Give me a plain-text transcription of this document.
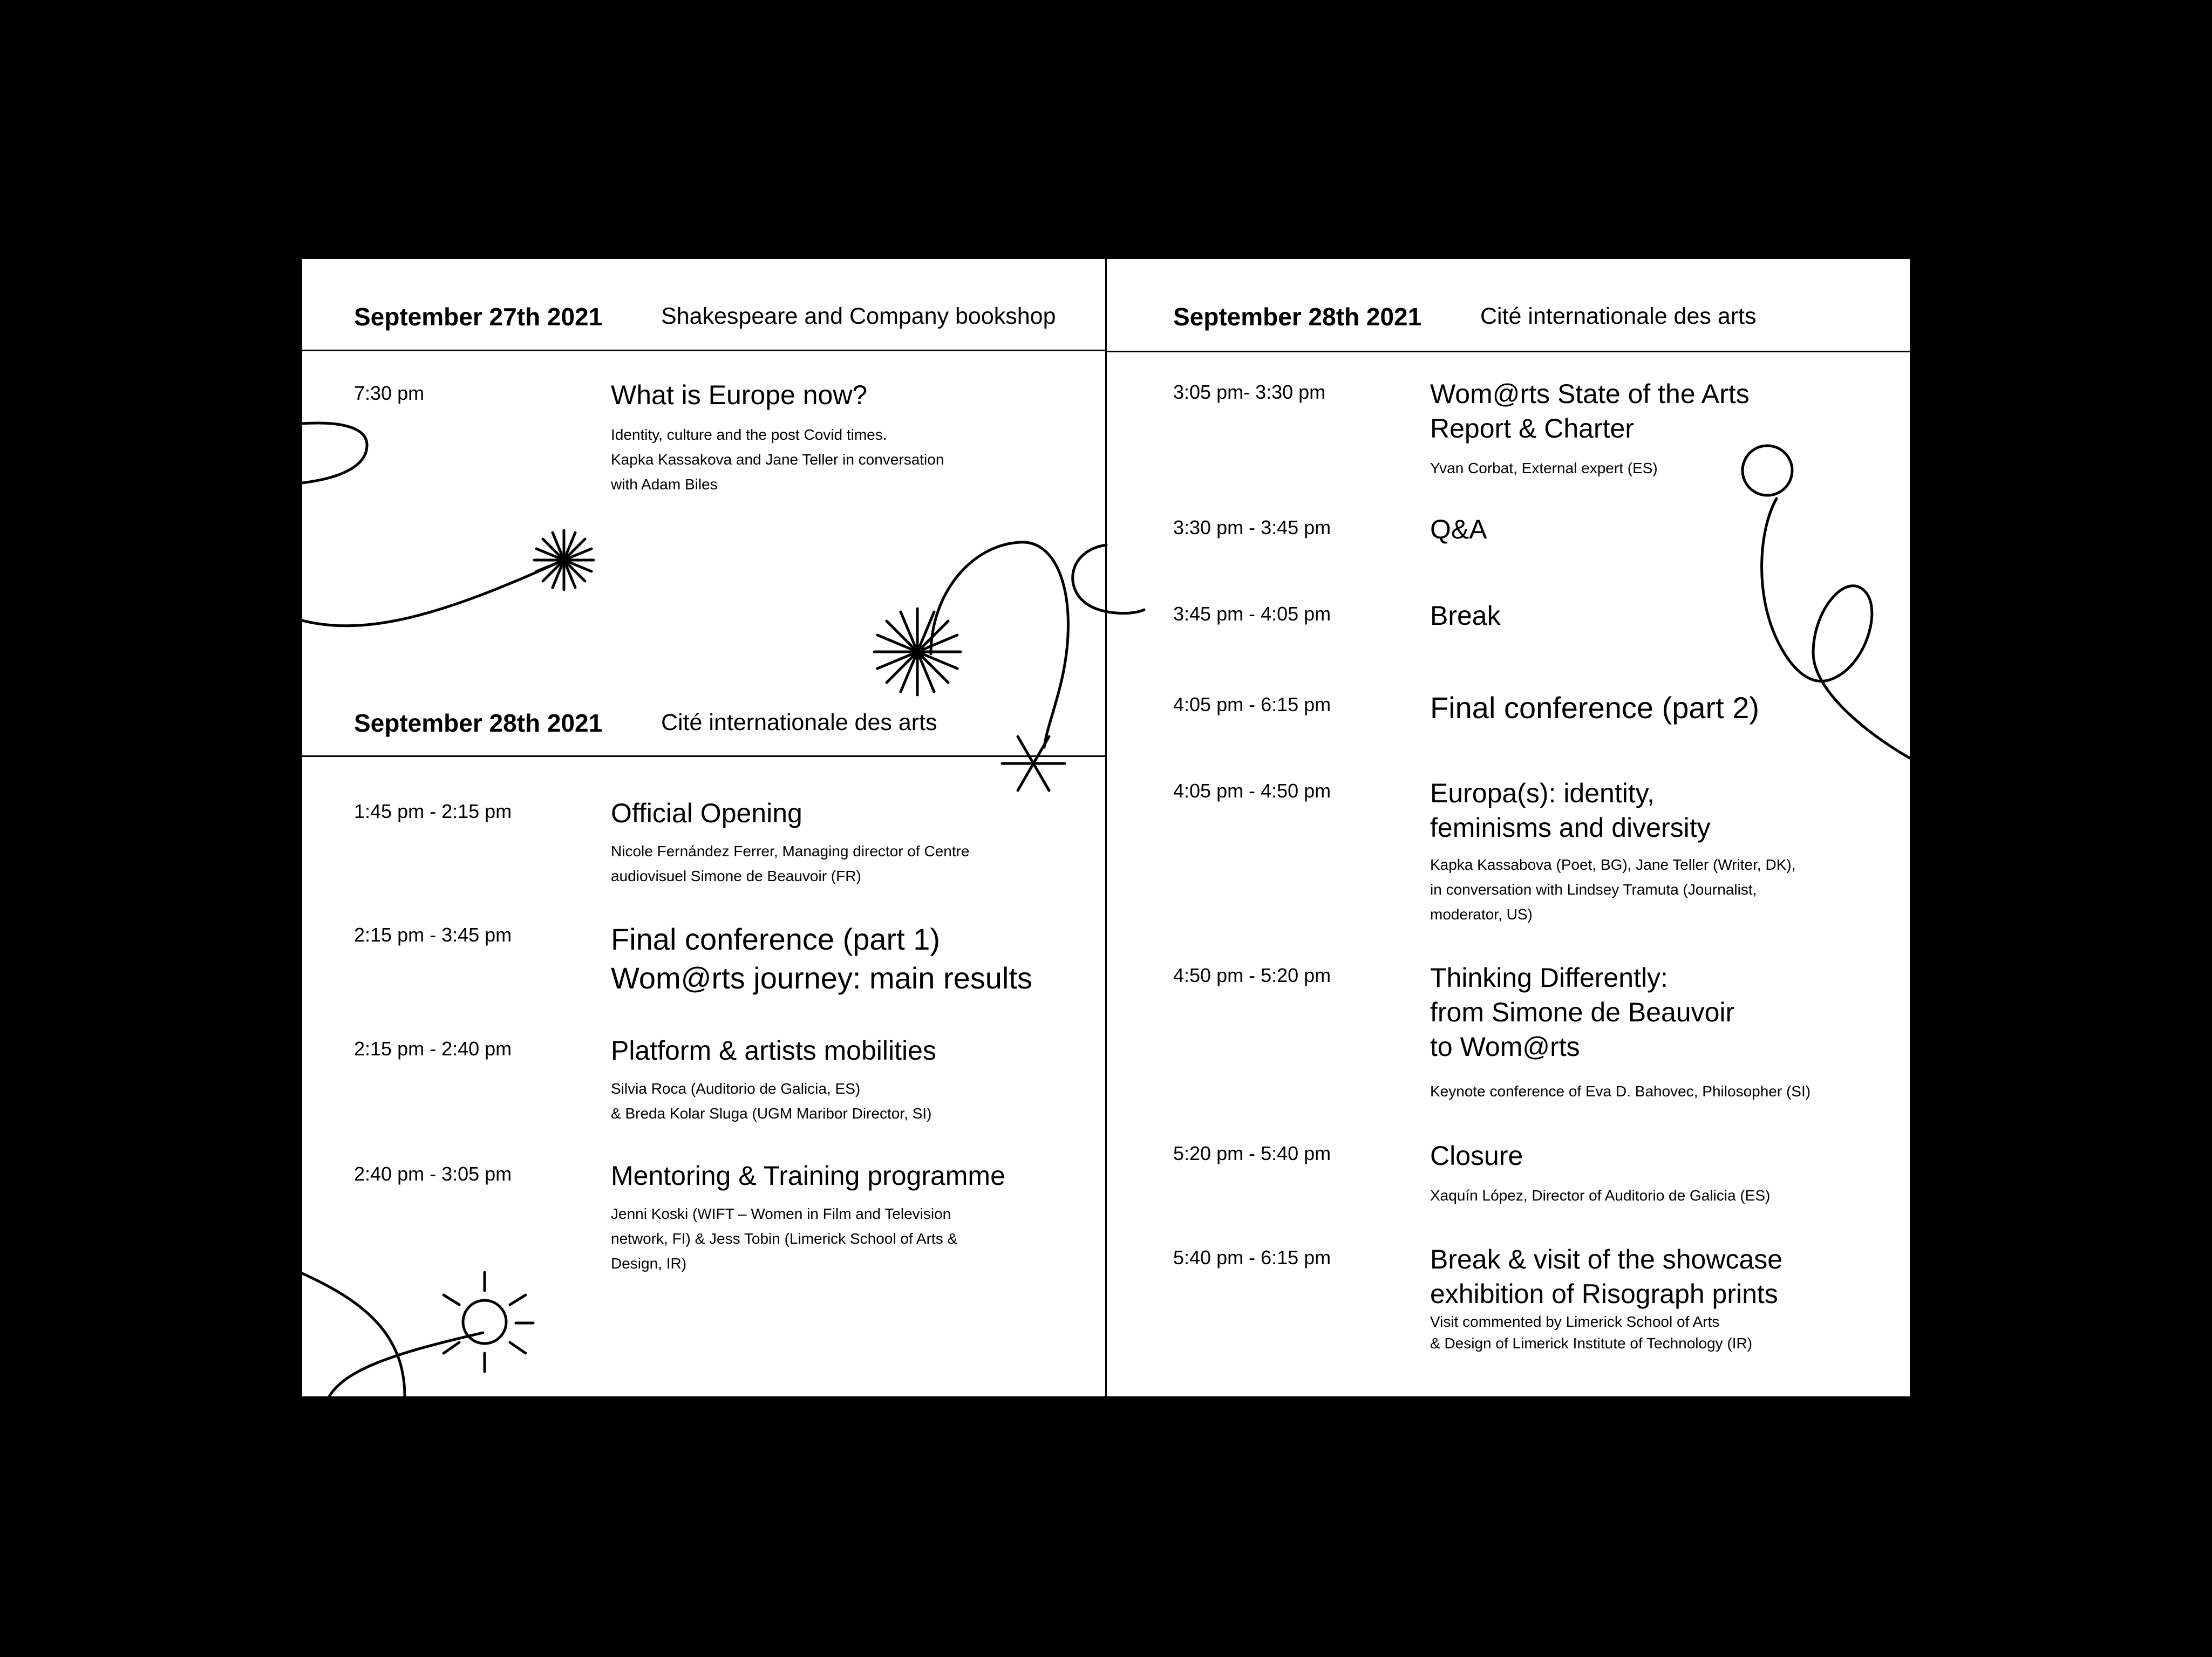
September 27th 2021	Shakespeare and Company bookshop
7:30 pm	What is Europe now?
Identity, culture and the post Covid times.
Kapka Kassakova and Jane Teller in conversation
with Adam Biles
September 28th 2021	Cité internationale des arts
1:45 pm - 2:15 pm	Official Opening
Nicole Fernández Ferrer, Managing director of Centre
audiovisuel Simone de Beauvoir (FR)
2:15 pm - 3:45 pm	Final conference (part 1)
Wom@rts journey: main results
2:15 pm - 2:40 pm	Platform & artists mobilities
Silvia Roca (Auditorio de Galicia, ES)
& Breda Kolar Sluga (UGM Maribor Director, SI)
2:40 pm - 3:05 pm	Mentoring & Training programme
Jenni Koski (WIFT – Women in Film and Television
network, FI) & Jess Tobin (Limerick School of Arts &
Design, IR)
September 28th 2021	Cité internationale des arts
3:05 pm- 3:30 pm	Wom@rts State of the Arts
Report & Charter
Yvan Corbat, External expert (ES)
3:30 pm - 3:45 pm	Q&A
3:45 pm - 4:05 pm	Break
4:05 pm - 6:15 pm	Final conference (part 2)
4:05 pm - 4:50 pm	Europa(s): identity,
feminisms and diversity
Kapka Kassabova (Poet, BG), Jane Teller (Writer, DK),
in conversation with Lindsey Tramuta (Journalist,
moderator, US)
4:50 pm - 5:20 pm	Thinking Differently:
from Simone de Beauvoir
to Wom@rts
Keynote conference of Eva D. Bahovec, Philosopher (SI)
5:20 pm - 5:40 pm	Closure
Xaquín López, Director of Auditorio de Galicia (ES)
5:40 pm - 6:15 pm	Break & visit of the showcase
exhibition of Risograph prints
Visit commented by Limerick School of Arts
& Design of Limerick Institute of Technology (IR)
